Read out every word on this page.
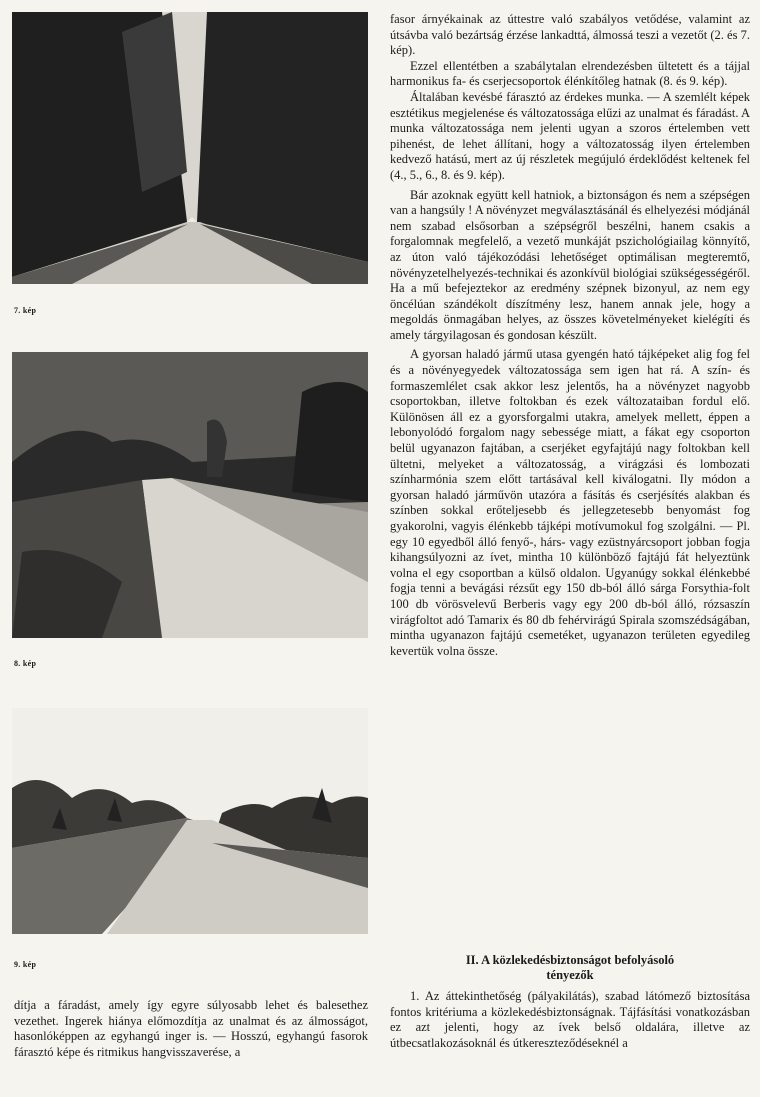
7. kép
8. kép
9. kép

dítja a fáradást, amely így egyre súlyosabb lehet és balesethez vezethet. Ingerek hiánya előmozdítja az unalmat és az álmosságot, hasonlóképpen az egyhangú inger is. — Hosszú, egyhangú fasorok fárasztó képe és ritmikus hangvisszaverése, a

fasor árnyékainak az úttestre való szabályos vetődése, valamint az útsávba való bezártság érzése lankadttá, álmossá teszi a vezetőt (2. és 7. kép).

Ezzel ellentétben a szabálytalan elrendezésben ültetett és a tájjal harmonikus fa- és cserjecsoportok élénkítőleg hatnak (8. és 9. kép).

Általában kevésbé fárasztó az érdekes munka. — A szemlélt képek esztétikus megjelenése és változatossága elűzi az unalmat és fáradást. A munka változatossága nem jelenti ugyan a szoros értelemben vett pihenést, de lehet állítani, hogy a változatosság ilyen értelemben kedvező hatású, mert az új részletek megújuló érdeklődést keltenek fel (4., 5., 6., 8. és 9. kép).

Bár azoknak együtt kell hatniok, a biztonságon és nem a szépségen van a hangsúly ! A növényzet megválasztásánál és elhelyezési módjánál nem szabad elsősorban a szépségről beszélni, hanem csakis a forgalomnak megfelelő, a vezető munkáját pszichológiailag könnyítő, az úton való tájékozódási lehetőséget optimálisan megteremtő, növényzetelhelyezés-technikai és azonkívül biológiai szükségességéről. Ha a mű befejeztekor az eredmény szépnek bizonyul, az nem egy öncélúan szándékolt díszítmény lesz, hanem annak jele, hogy a megoldás önmagában helyes, az összes követelményeket kielégíti és amely tárgyilagosan és gondosan készült.

A gyorsan haladó jármű utasa gyengén ható tájképeket alig fog fel és a növényegyedek változatossága sem igen hat rá. A szín- és formaszemlélet csak akkor lesz jelentős, ha a növényzet nagyobb csoportokban, illetve foltokban és ezek változataiban fordul elő. Különösen áll ez a gyorsforgalmi utakra, amelyek mellett, éppen a lebonyolódó forgalom nagy sebessége miatt, a fákat egy csoporton belül ugyanazon fajtában, a cserjéket egyfajtájú nagy foltokban kell ültetni, melyeket a változatosság, a virágzási és lombozati színharmónia szem előtt tartásával kell kiválogatni. Ily módon a gyorsan haladó járművön utazóra a fásítás és cserjésítés alakban és színben sokkal erőteljesebb és jellegzetesebb benyomást fog gyakorolni, vagyis élénkebb tájképi motívumokul fog szolgálni. — Pl. egy 10 egyedből álló fenyő-, hárs- vagy ezüstnyárcsoport jobban fogja kihangsúlyozni az ívet, mintha 10 különböző fajtájú fát helyeztünk volna el egy csoportban a külső oldalon. Ugyanúgy sokkal élénkebbé fogja tenni a bevágási rézsűt egy 150 db-ból álló sárga Forsythia-folt 100 db vörösvelevű Berberis vagy egy 200 db-ból álló, rózsaszín virágfoltot adó Tamarix és 80 db fehérvirágú Spirala szomszédságában, mintha ugyanazon fajtájú csemetéket, ugyanazon területen egyedileg kevertük volna össze.

II. A közlekedésbiztonságot befolyásoló
tényezők

1. Az áttekinthetőség (pályakilátás), szabad látómező biztosítása fontos kritériuma a közlekedésbiztonságnak. Tájfásítási vonatkozásban ez azt jelenti, hogy az ívek belső oldalára, illetve az útbecsatlakozásoknál és útkereszteződéseknél a
